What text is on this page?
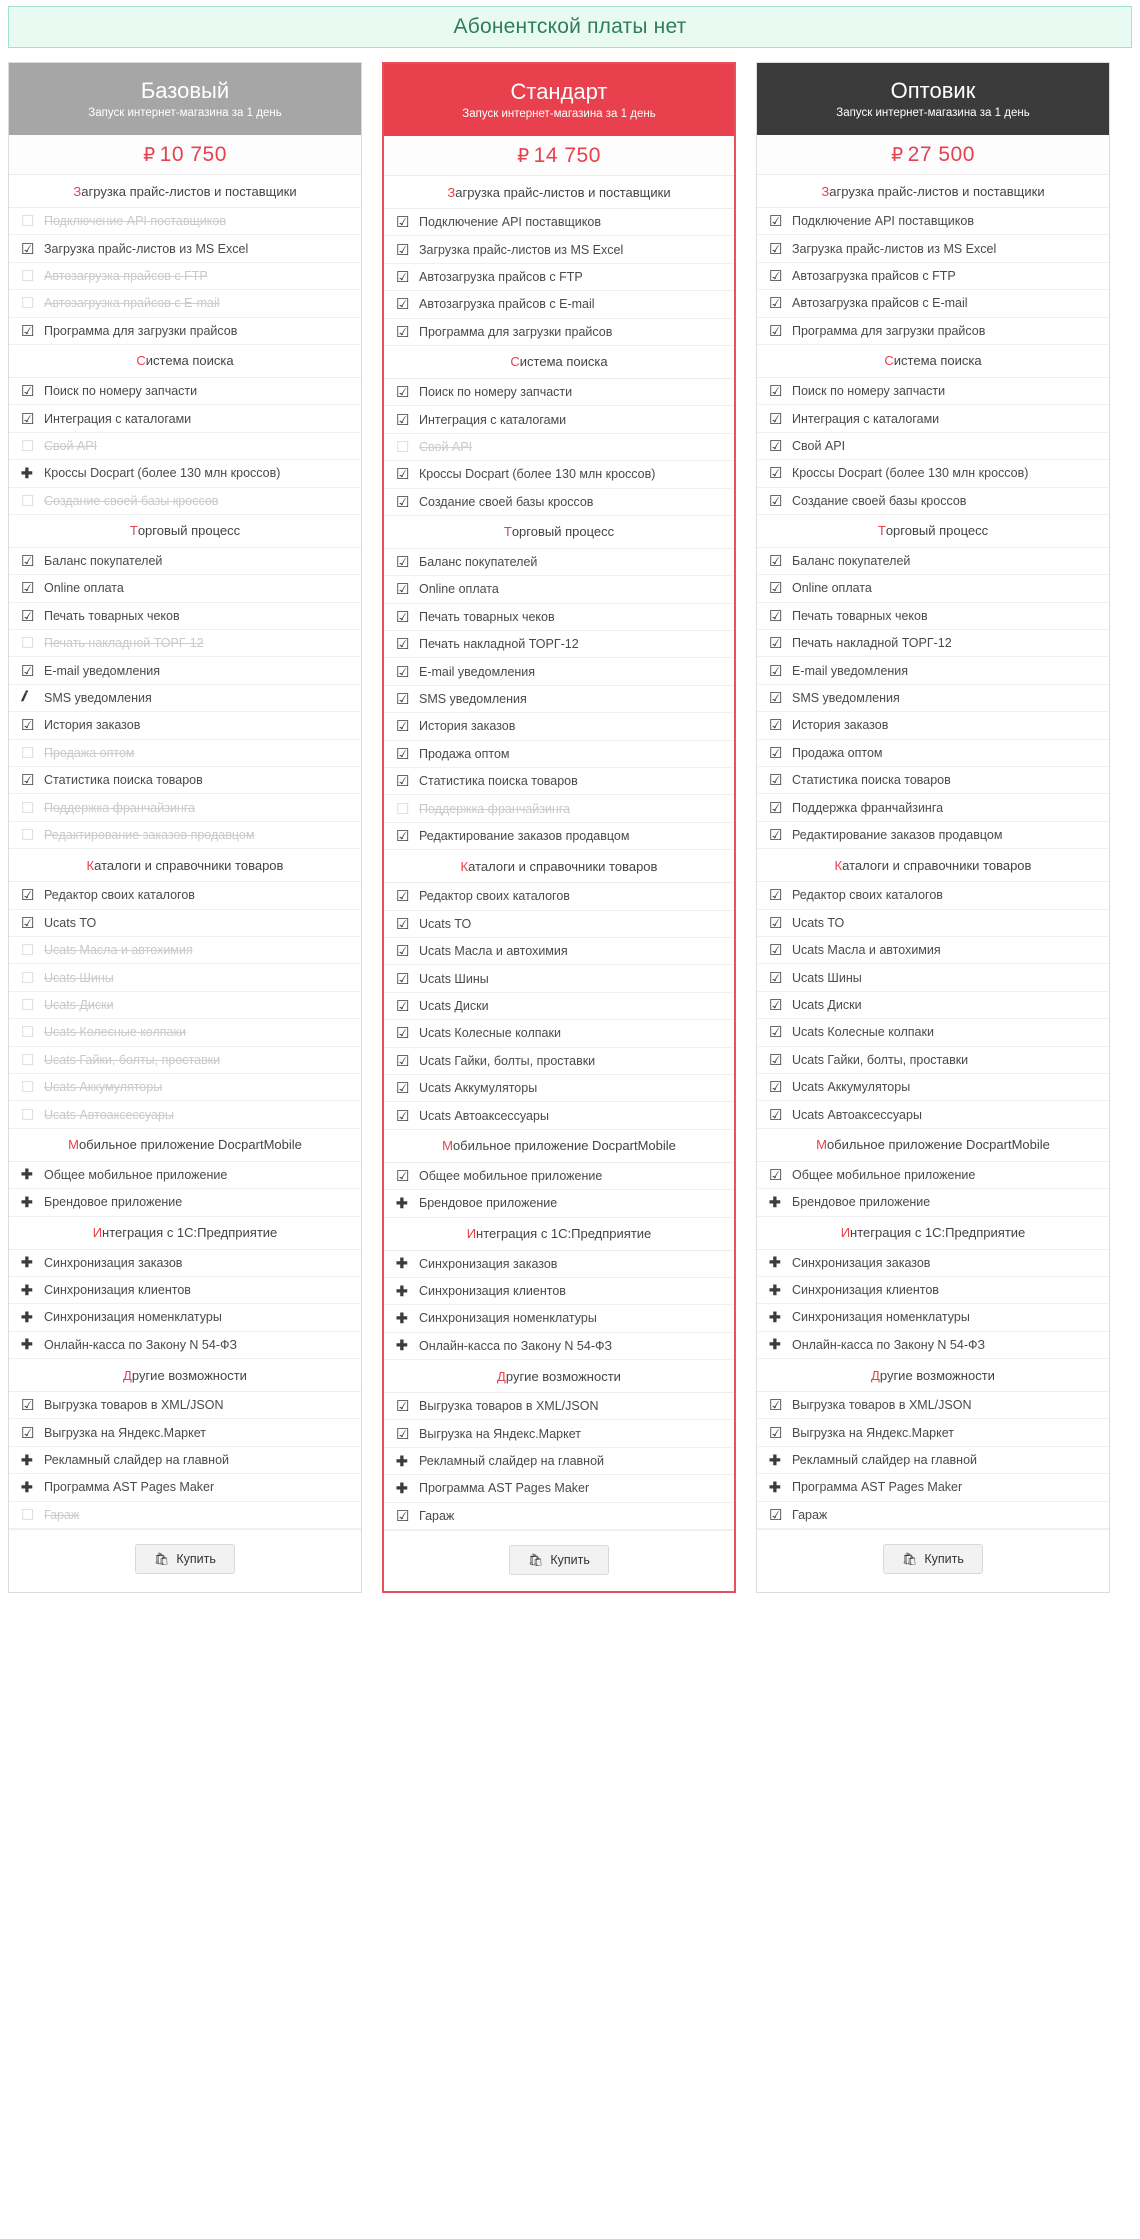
Абонентской платы нет
Базовый
Запуск интернет-магазина за 1 день
₽ 10 750
З агрузка прайс-листов и поставщики
☐
Подключение API поставщиков
☑
Загрузка прайс-листов из MS Excel
☐
Автозагрузка прайсов с FTP
☐
Автозагрузка прайсов с E-mail
☑
Программа для загрузки прайсов
С истема поиска
☑
Поиск по номеру запчасти
☑
Интеграция с каталогами
☐
Свой API
✚
Кроссы Docpart (более 130 млн кроссов)
☐
Создание своей базы кроссов
Т орговый процесс
☑
Баланс покупателей
☑
Online оплата
☑
Печать товарных чеков
☐
Печать накладной ТОРГ-12
☑
E-mail уведомления
𝒊
SMS уведомления
☑
История заказов
☐
Продажа оптом
☑
Статистика поиска товаров
☐
Поддержка франчайзинга
☐
Редактирование заказов продавцом
К аталоги и справочники товаров
☑
Редактор своих каталогов
☑
Ucats ТО
☐
Ucats Масла и автохимия
☐
Ucats Шины
☐
Ucats Диски
☐
Ucats Колесные колпаки
☐
Ucats Гайки, болты, проставки
☐
Ucats Аккумуляторы
☐
Ucats Автоаксессуары
М обильное приложение DocpartMobile
✚
Общее мобильное приложение
✚
Брендовое приложение
И нтеграция с 1С:Предприятие
✚
Синхронизация заказов
✚
Синхронизация клиентов
✚
Синхронизация номенклатуры
✚
Онлайн-касса по Закону N 54-ФЗ
Д ругие возможности
☑
Выгрузка товаров в XML/JSON
☑
Выгрузка на Яндекс.Маркет
✚
Рекламный слайдер на главной
✚
Программа AST Pages Maker
☐
Гараж
🛍
Купить
Стандарт
Запуск интернет-магазина за 1 день
₽ 14 750
З агрузка прайс-листов и поставщики
☑
Подключение API поставщиков
☑
Загрузка прайс-листов из MS Excel
☑
Автозагрузка прайсов с FTP
☑
Автозагрузка прайсов с E-mail
☑
Программа для загрузки прайсов
С истема поиска
☑
Поиск по номеру запчасти
☑
Интеграция с каталогами
☐
Свой API
☑
Кроссы Docpart (более 130 млн кроссов)
☑
Создание своей базы кроссов
Т орговый процесс
☑
Баланс покупателей
☑
Online оплата
☑
Печать товарных чеков
☑
Печать накладной ТОРГ-12
☑
E-mail уведомления
☑
SMS уведомления
☑
История заказов
☑
Продажа оптом
☑
Статистика поиска товаров
☐
Поддержка франчайзинга
☑
Редактирование заказов продавцом
К аталоги и справочники товаров
☑
Редактор своих каталогов
☑
Ucats ТО
☑
Ucats Масла и автохимия
☑
Ucats Шины
☑
Ucats Диски
☑
Ucats Колесные колпаки
☑
Ucats Гайки, болты, проставки
☑
Ucats Аккумуляторы
☑
Ucats Автоаксессуары
М обильное приложение DocpartMobile
☑
Общее мобильное приложение
✚
Брендовое приложение
И нтеграция с 1С:Предприятие
✚
Синхронизация заказов
✚
Синхронизация клиентов
✚
Синхронизация номенклатуры
✚
Онлайн-касса по Закону N 54-ФЗ
Д ругие возможности
☑
Выгрузка товаров в XML/JSON
☑
Выгрузка на Яндекс.Маркет
✚
Рекламный слайдер на главной
✚
Программа AST Pages Maker
☑
Гараж
🛍
Купить
Оптовик
Запуск интернет-магазина за 1 день
₽ 27 500
З агрузка прайс-листов и поставщики
☑
Подключение API поставщиков
☑
Загрузка прайс-листов из MS Excel
☑
Автозагрузка прайсов с FTP
☑
Автозагрузка прайсов с E-mail
☑
Программа для загрузки прайсов
С истема поиска
☑
Поиск по номеру запчасти
☑
Интеграция с каталогами
☑
Свой API
☑
Кроссы Docpart (более 130 млн кроссов)
☑
Создание своей базы кроссов
Т орговый процесс
☑
Баланс покупателей
☑
Online оплата
☑
Печать товарных чеков
☑
Печать накладной ТОРГ-12
☑
E-mail уведомления
☑
SMS уведомления
☑
История заказов
☑
Продажа оптом
☑
Статистика поиска товаров
☑
Поддержка франчайзинга
☑
Редактирование заказов продавцом
К аталоги и справочники товаров
☑
Редактор своих каталогов
☑
Ucats ТО
☑
Ucats Масла и автохимия
☑
Ucats Шины
☑
Ucats Диски
☑
Ucats Колесные колпаки
☑
Ucats Гайки, болты, проставки
☑
Ucats Аккумуляторы
☑
Ucats Автоаксессуары
М обильное приложение DocpartMobile
☑
Общее мобильное приложение
✚
Брендовое приложение
И нтеграция с 1С:Предприятие
✚
Синхронизация заказов
✚
Синхронизация клиентов
✚
Синхронизация номенклатуры
✚
Онлайн-касса по Закону N 54-ФЗ
Д ругие возможности
☑
Выгрузка товаров в XML/JSON
☑
Выгрузка на Яндекс.Маркет
✚
Рекламный слайдер на главной
✚
Программа AST Pages Maker
☑
Гараж
🛍
Купить
